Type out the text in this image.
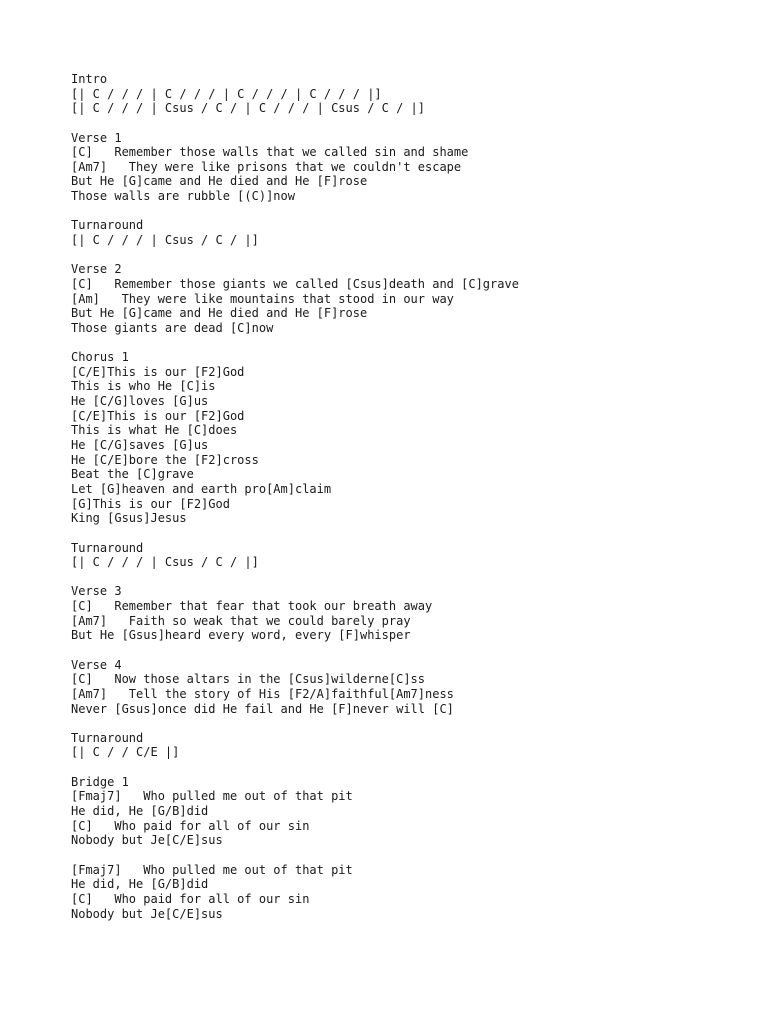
Intro
[| C / / / | C / / / | C / / / | C / / / |]
[| C / / / | Csus / C / | C / / / | Csus / C / |]
Verse 1
[C]   Remember those walls that we called sin and shame
[Am7]   They were like prisons that we couldn't escape
But He [G]came and He died and He [F]rose
Those walls are rubble [(C)]now
Turnaround
[| C / / / | Csus / C / |]
Verse 2
[C]   Remember those giants we called [Csus]death and [C]grave
[Am]   They were like mountains that stood in our way
But He [G]came and He died and He [F]rose
Those giants are dead [C]now
Chorus 1
[C/E]This is our [F2]God
This is who He [C]is
He [C/G]loves [G]us
[C/E]This is our [F2]God
This is what He [C]does
He [C/G]saves [G]us
He [C/E]bore the [F2]cross
Beat the [C]grave
Let [G]heaven and earth pro[Am]claim
[G]This is our [F2]God
King [Gsus]Jesus
Turnaround
[| C / / / | Csus / C / |]
Verse 3
[C]   Remember that fear that took our breath away
[Am7]   Faith so weak that we could barely pray
But He [Gsus]heard every word, every [F]whisper
Verse 4
[C]   Now those altars in the [Csus]wilderne[C]ss
[Am7]   Tell the story of His [F2/A]faithful[Am7]ness
Never [Gsus]once did He fail and He [F]never will [C]
Turnaround
[| C / / C/E |]
Bridge 1
[Fmaj7]   Who pulled me out of that pit
He did, He [G/B]did
[C]   Who paid for all of our sin
Nobody but Je[C/E]sus
[Fmaj7]   Who pulled me out of that pit
He did, He [G/B]did
[C]   Who paid for all of our sin
Nobody but Je[C/E]sus
